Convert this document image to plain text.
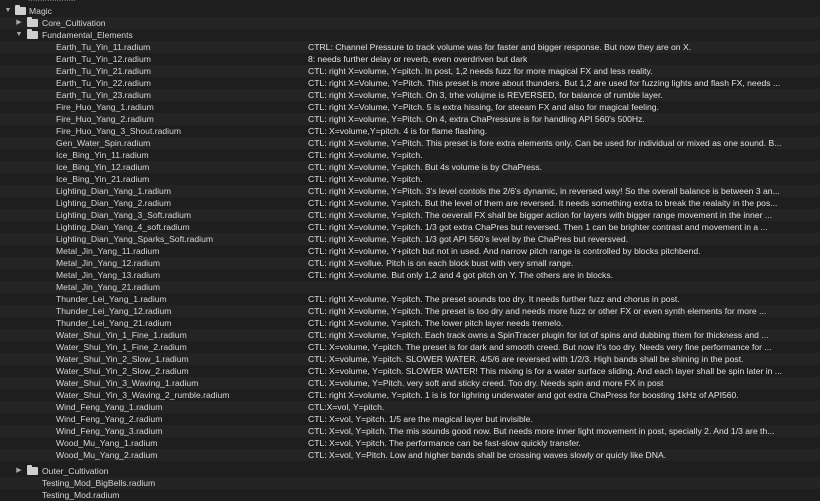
▼ Magic
▶ Core_Cultivation
▼ Fundamental_Elements
Earth_Tu_Yin_11.radium	CTRL: Channel Pressure to track volume was for faster and bigger response. But now they are on X.
Earth_Tu_Yin_12.radium	8: needs further delay or reverb, even overdriven but dark
Earth_Tu_Yin_21.radium	CTL: right X=volume, Y=pitch. In post, 1,2 needs fuzz for more magical FX and less reality.
Earth_Tu_Yin_22.radium	CTL: right X=Volume, Y=Pitch. This preset is more about thunders. But 1,2 are used for fuzzing lights and flash FX, needs ...
Earth_Tu_Yin_23.radium	CTL: right X=volume, Y=Pitch. On 3, trhe volujme is REVERSED, for balance of rumble layer.
Fire_Huo_Yang_1.radium	CTL: right X=Volume, Y=Pitch. 5 is extra hissing, for steeam FX and also for magical feeling.
Fire_Huo_Yang_2.radium	CTL: right X=volume, Y=Pitch. On 4, extra ChaPressure is for handling API 560's 500Hz.
Fire_Huo_Yang_3_Shout.radium	CTL: X=volume,Y=pitch. 4 is for flame flashing.
Gen_Water_Spin.radium	CTL: right X=volume, Y=Pitch. This preset is fore extra elements only. Can be used for individual or mixed as one sound. B...
Ice_Bing_Yin_11.radium	CTL: right X=volume, Y=pitch.
Ice_Bing_Yin_12.radium	CTL: right X=volume, Y=pitch. But 4s volume is by ChaPress.
Ice_Bing_Yin_21.radium	CTL: right X=volume, Y=pitch.
Lighting_Dian_Yang_1.radium	CTL: right X=volume, Y=Pitch. 3's level contols the 2/6's dynamic, in reversed way! So the overall balance is between 3 an...
Lighting_Dian_Yang_2.radium	CTL: right X=volume, Y=pitch. But the level of them are reversed. It needs something extra to break the realaity in the pos...
Lighting_Dian_Yang_3_Soft.radium	CTL: right X=volume, Y=pitch. The oeverall FX shall be bigger action for layers with bigger range movement in the inner ...
Lighting_Dian_Yang_4_soft.radium	CTL: right X=volume, Y=pitch. 1/3 got extra ChaPres but reversed. Then 1 can be brighter contrast and movement in a ...
Lighting_Dian_Yang_Sparks_Soft.radium	CTL: right X=volume, Y=pitch. 1/3 got API 560's level by the ChaPres but reversved.
Metal_Jin_Yang_11.radium	CTL: right X=volume, Y+pitch but not in used. And narrow pitch range is controlled by blocks pitchbend.
Metal_Jin_Yang_12.radium	CTL: right X=vollue. Pitch is on each block bust with very small range.
Metal_Jin_Yang_13.radium	CTL: right X=volume. But only 1,2 and 4 got pitch on Y. The others are in blocks.
Metal_Jin_Yang_21.radium
Thunder_Lei_Yang_1.radium	CTL: right X=volume, Y=pitch. The preset sounds too dry. It needs further fuzz and chorus in post.
Thunder_Lei_Yang_12.radium	CTL: right X=volume, Y=pitch. The preset is too dry and needs more fuzz or other FX or even synth elements for more ...
Thunder_Lei_Yang_21.radium	CTL: right X=volume, Y=pitch. The lower pitch layer needs tremelo.
Water_Shui_Yin_1_Fine_1.radium	CTL: right X=volume, Y=pitch. Each track owns a SpinTracer plugin for lot of spins and dubbing them for thickness and ...
Water_Shui_Yin_1_Fine_2.radium	CTL: X=volume, Y=pitch. The preset is for dark and smooth creed. But now it's too dry. Needs very fine performance for ...
Water_Shui_Yin_2_Slow_1.radium	CTL: X=volume, Y=pitch. SLOWER WATER. 4/5/6 are reversed with 1/2/3. High bands shall be shining in the post.
Water_Shui_Yin_2_Slow_2.radium	CTL: X=volume, Y=pitch. SLOWER WATER! This mixing is for a water surface sliding. And each layer shall be spin later in ...
Water_Shui_Yin_3_Waving_1.radium	CTL: X=volume, Y=Pitch. very soft and sticky creed. Too dry. Needs spin and more FX in post
Water_Shui_Yin_3_Waving_2_rumble.radium	CTL: right X=volume, Y=pitch. 1 is is for lighring underwater and got extra ChaPress for boosting 1kHz of API560.
Wind_Feng_Yang_1.radium	CTL:X=vol, Y=pitch.
Wind_Feng_Yang_2.radium	CTL: X=vol, Y=pitch. 1/5 are the magical layer but invisible.
Wind_Feng_Yang_3.radium	CTL: X=vol, Y=pitch. The mis sounds good now. But needs more inner light movement in post, specially 2. And 1/3 are th...
Wood_Mu_Yang_1.radium	CTL: X=vol, Y=pitch. The performance can be fast-slow quickly transfer.
Wood_Mu_Yang_2.radium	CTL: X=vol, Y=Pitch. Low and higher bands shall be crossing waves slowly or quicly like DNA.
▶ Outer_Cultivation
Testing_Mod_BigBells.radium
Testing_Mod.radium
